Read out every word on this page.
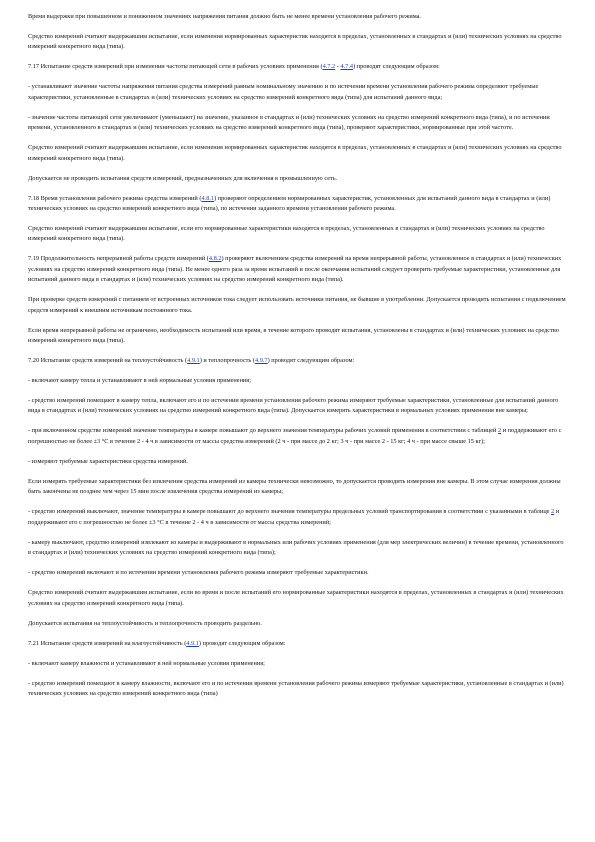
Время выдержки при повышенном и пониженном значениях напряжения питания должно быть не менее времени установления рабочего режима.

Средство измерений считают выдержавшим испытание, если изменения нормированных характеристик находятся в пределах, установленных в стандартах и (или) технических условиях на средство измерений конкретного вида (типа).

7.17 Испытание средств измерений при изменении частоты питающей сети в рабочих условиях применения (4.7.2 - 4.7.4) проводят следующим образом:

- устанавливают значение частоты напряжения питания средства измерений равным номинальному значению и по истечении времени установления рабочего режима определяют требуемые характеристики, установленные в стандартах и (или) технических условиях на средство измерений конкретного вида (типа) для испытаний данного вида;

- значение частоты питающей сети увеличивают (уменьшают) на значение, указанное в стандартах и (или) технических условиях на средство измерений конкретного вида (типа), и по истечении времени, установленного в стандартах и (или) технических условиях на средство измерений конкретного вида (типа), проверяют характеристики, нормированные при этой частоте.

Средство измерений считают выдержавшим испытание, если изменения нормированных характеристик находятся в пределах, установленных в стандартах и (или) технических условиях на средство измерений конкретного вида (типа).

Допускается не проводить испытания средств измерений, предназначенных для включения в промышленную сеть.

7.18 Время установления рабочего режима средства измерений (4.8.1) проверяют определением нормированных характеристик, установленных для испытаний данного вида в стандартах и (или) технических условиях на средство измерений конкретного вида (типа), по истечении заданного времени установления рабочего режима.

Средство измерений считают выдержавшим испытание, если его нормированные характеристики находятся в пределах, установленных в стандартах и (или) технических условиях на средство измерений конкретного вида (типа).

7.19 Продолжительность непрерывной работы средств измерений (4.8.2) проверяют включением средства измерений на время непрерывной работы, установленное в стандартах и (или) технических условиях на средство измерений конкретного вида (типа). Не менее одного раза за время испытаний и после окончания испытаний следует проверить требуемые характеристики, установленные для испытаний данного вида в стандартах и (или) технических условиях на средство измерений конкретного вида (типа).

При проверке средств измерений с питанием от встроенных источников тока следует использовать источники питания, не бывшие в употреблении. Допускается проводить испытания с подключением средств измерений к внешним источникам постоянного тока.

Если время непрерывной работы не ограничено, необходимость испытаний или время, в течение которого проводят испытания, установлены в стандартах и (или) технических условиях на средство измерений конкретного вида (типа).

7.20 Испытание средств измерений на теплоустойчивость (4.9.1) и теплопрочность (4.9.7) проводят следующим образом:

- включают камеру тепла и устанавливают в ней нормальные условия применения;

- средство измерений помещают в камеру тепла, включают его и по истечении времени установления рабочего режима измеряют требуемые характеристики, установленные для испытаний данного вида в стандартах и (или) технических условиях на средство измерений конкретного вида (типа). Допускается измерять характеристики в нормальных условиях применения вне камеры;

- при включенном средстве измерений значение температуры в камере повышают до верхнего значения температуры рабочих условий применения в соответствии с таблицей 2 и поддерживают его с погрешностью не более ±3 °С в течение 2 - 4 ч в зависимости от массы средства измерений (2 ч - при массе до 2 кг; 3 ч - при массе 2 - 15 кг; 4 ч - при массе свыше 15 кг);

- измеряют требуемые характеристики средства измерений.

Если измерять требуемые характеристики без извлечения средства измерений из камеры технически невозможно, то допускается проводить измерения вне камеры. В этом случае измерения должны быть закончены не позднее чем через 15 мин после извлечения средства измерений из камеры;

- средство измерений выключают, значение температуры в камере повышают до верхнего значения температуры предельных условий транспортирования в соответствии с указанными в таблице 2 и поддерживают его с погрешностью не более ±3 °С в течение 2 - 4 ч в зависимости от массы средства измерений;

- камеру выключают, средство измерений извлекают из камеры и выдерживают в нормальных или рабочих условиях применения (для мер электрических величин) в течение времени, установленного в стандартах и (или) технических условиях на средство измерений конкретного вида (типа);

- средство измерений включают и по истечении времени установления рабочего режима измеряют требуемые характеристики.

Средство измерений считают выдержавшим испытание, если во время и после испытаний его нормированные характеристики находятся в пределах, установленных в стандартах и (или) технических условиях на средство измерений конкретного вида (типа).

Допускается испытания на теплоустойчивость и теплопрочность проводить раздельно.

7.21 Испытание средств измерений на влагоустойчивость (4.9.1) проводят следующим образом:

- включают камеру влажности и устанавливают в ней нормальные условия применения;

- средство измерений помещают в камеру влажности, включают его и по истечении времени установления рабочего режима измеряют требуемые характеристики, установленные в стандартах и (или) технических условиях на средство измерений конкретного вида (типа)
